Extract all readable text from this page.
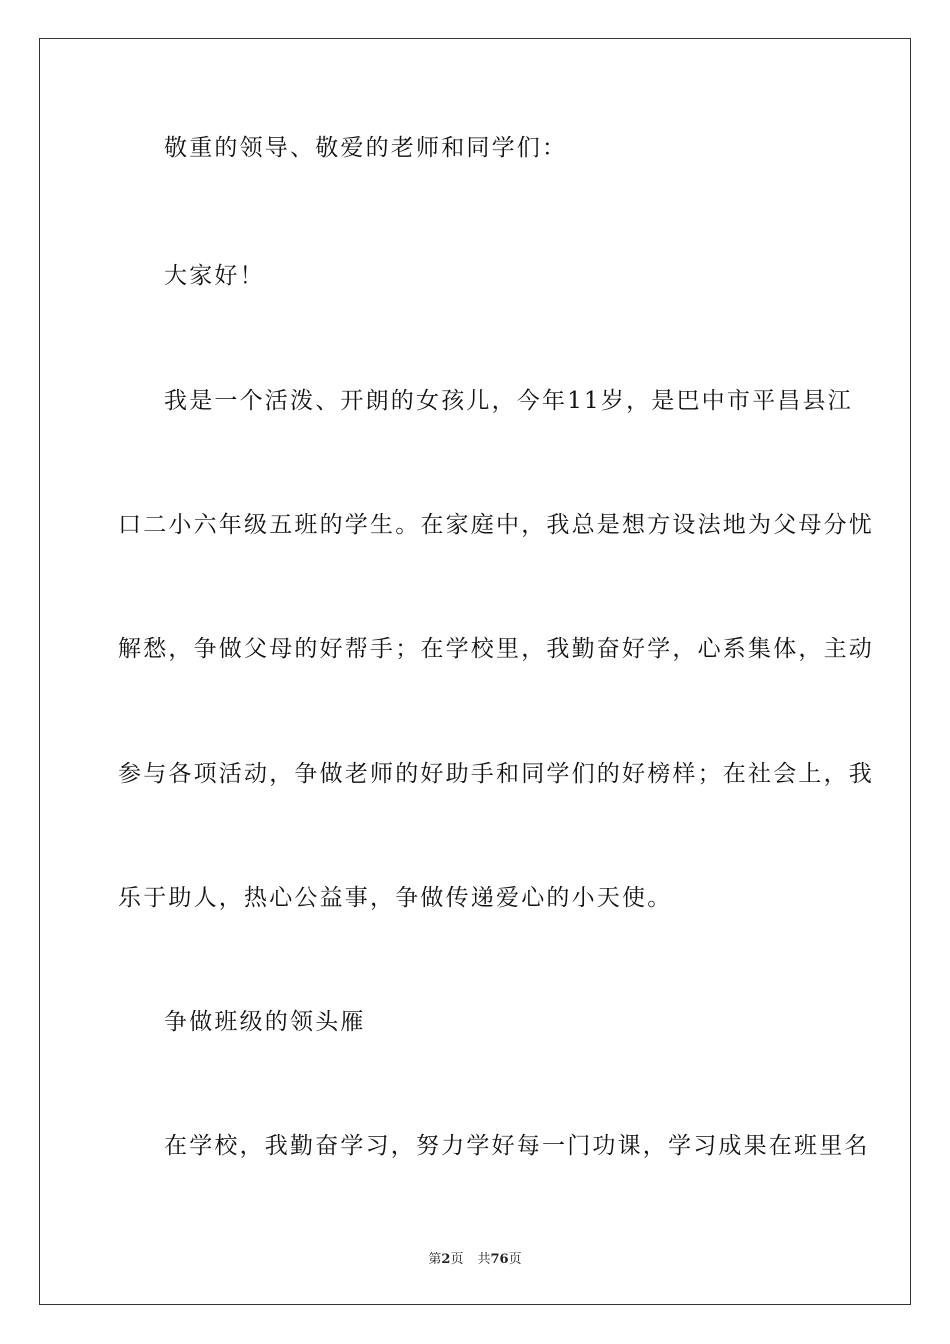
敬重的领导、敬爱的老师和同学们：

大家好！

我是一个活泼、开朗的女孩儿，今年11岁，是巴中市平昌县江

口二小六年级五班的学生。在家庭中，我总是想方设法地为父母分忧

解愁，争做父母的好帮手；在学校里，我勤奋好学，心系集体，主动

参与各项活动，争做老师的好助手和同学们的好榜样；在社会上，我

乐于助人，热心公益事，争做传递爱心的小天使。

争做班级的领头雁

在学校，我勤奋学习，努力学好每一门功课，学习成果在班里名

第2页 共76页
